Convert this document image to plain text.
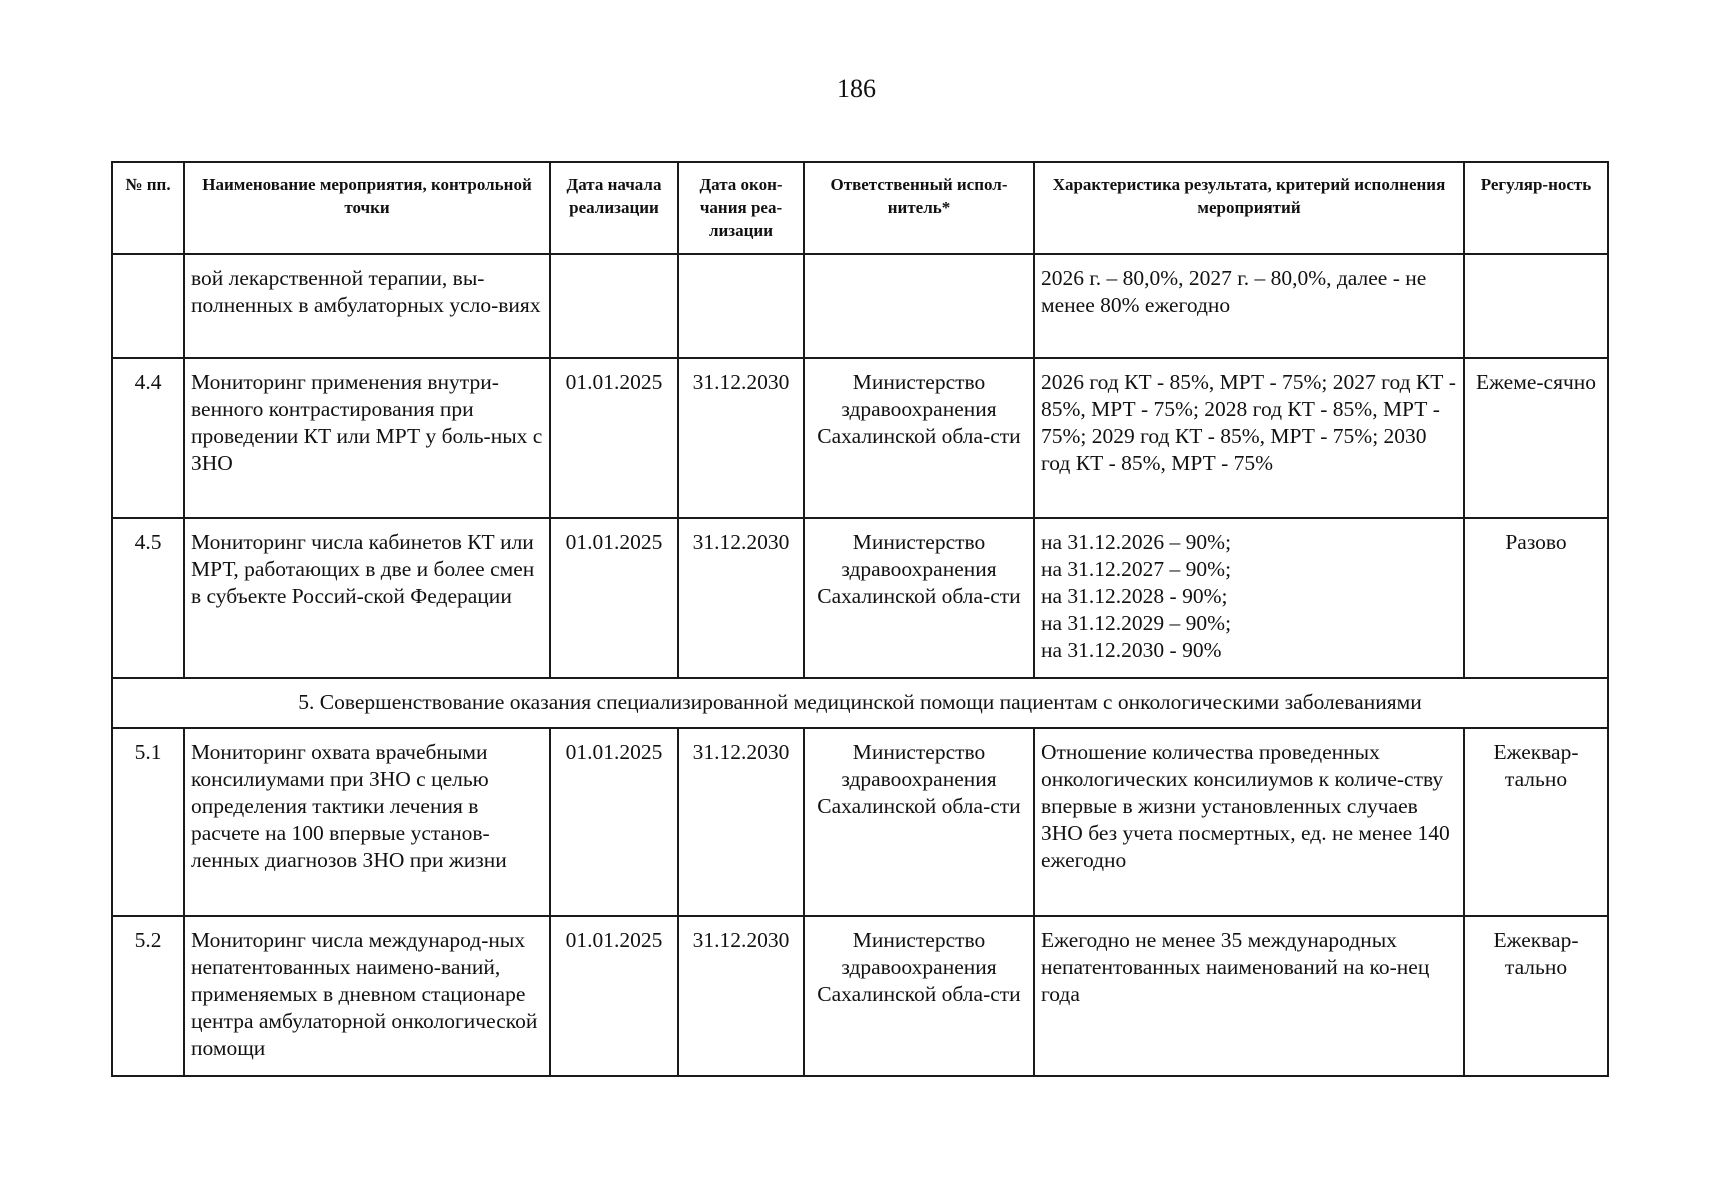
186
№ пп.	Наименование мероприятия, контрольной точки	Дата начала реализации	Дата окон-чания реа-лизации	Ответственный испол-нитель*	Характеристика результата, критерий исполнения мероприятий	Регуляр-ность
	вой лекарственной терапии, вы-полненных в амбулаторных усло-виях				2026 г. – 80,0%, 2027 г. – 80,0%, далее - не менее 80% ежегодно	
4.4	Мониторинг применения внутри-венного контрастирования при проведении КТ или МРТ у боль-ных с ЗНО	01.01.2025	31.12.2030	Министерство здравоохранения Сахалинской обла-сти	2026 год КТ - 85%, МРТ - 75%; 2027 год КТ - 85%, МРТ - 75%; 2028 год КТ - 85%, МРТ - 75%; 2029 год КТ - 85%, МРТ - 75%; 2030 год КТ - 85%, МРТ - 75%	Ежеме-сячно
4.5	Мониторинг числа кабинетов КТ или МРТ, работающих в две и более смен в субъекте Россий-ской Федерации	01.01.2025	31.12.2030	Министерство здравоохранения Сахалинской обла-сти	на 31.12.2026 – 90%;
на 31.12.2027 – 90%;
на 31.12.2028 - 90%;
на 31.12.2029 – 90%;
на 31.12.2030 - 90%	Разово
5. Совершенствование оказания специализированной медицинской помощи пациентам с онкологическими заболеваниями						
5.1	Мониторинг охвата врачебными консилиумами при ЗНО с целью определения тактики лечения в расчете на 100 впервые установ-ленных диагнозов ЗНО при жизни	01.01.2025	31.12.2030	Министерство здравоохранения Сахалинской обла-сти	Отношение количества проведенных онкологических консилиумов к количе-ству впервые в жизни установленных случаев ЗНО без учета посмертных, ед. не менее 140 ежегодно	Ежеквар-тально
5.2	Мониторинг числа международ-ных непатентованных наимено-ваний, применяемых в дневном стационаре центра амбулаторной онкологической помощи	01.01.2025	31.12.2030	Министерство здравоохранения Сахалинской обла-сти	Ежегодно не менее 35 международных непатентованных наименований на ко-нец года	Ежеквар-тально
